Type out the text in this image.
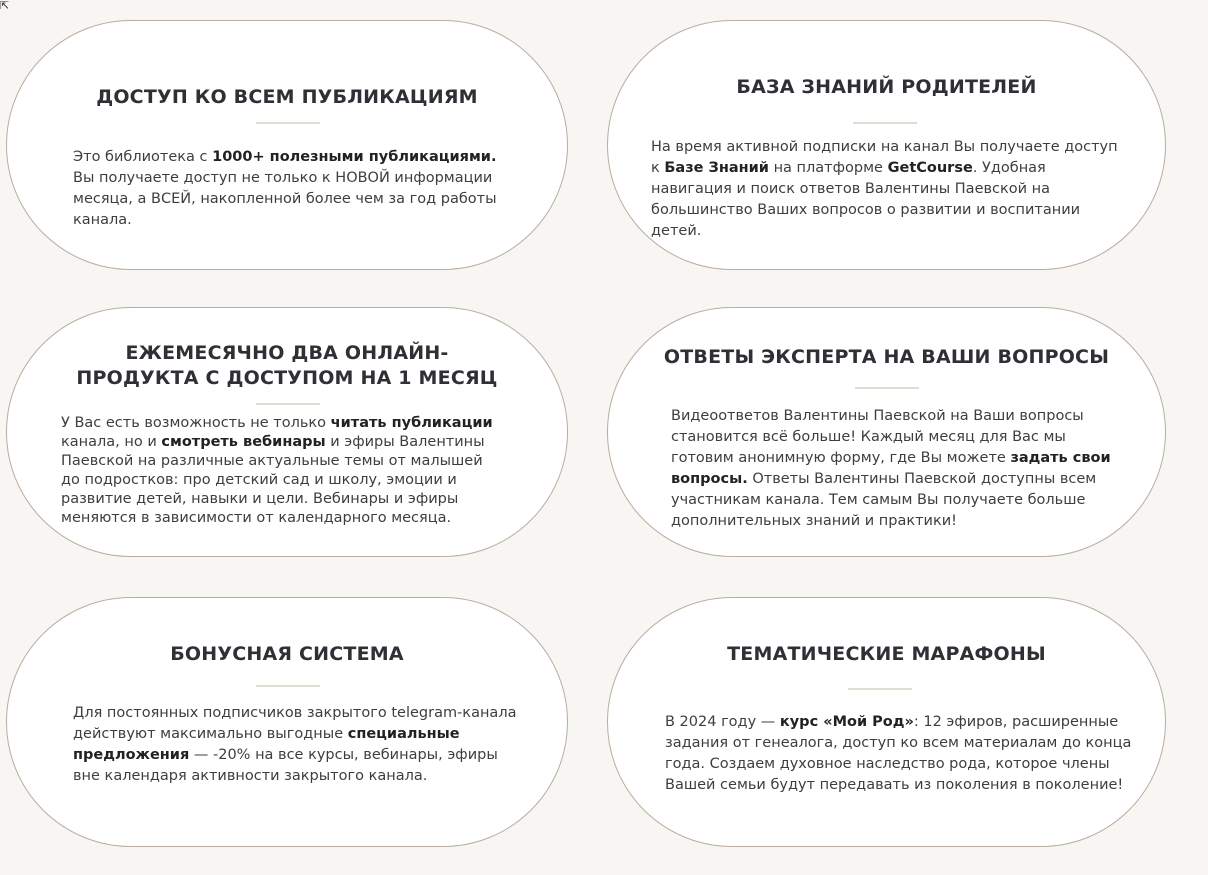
⇱
ДОСТУП КО ВСЕМ ПУБЛИКАЦИЯМ

Это библиотека с 1000+ полезными публикациями. Вы получаете доступ не только к НОВОЙ информации месяца, а ВСЕЙ, накопленной более чем за год работы канала.

БАЗА ЗНАНИЙ РОДИТЕЛЕЙ

На время активной подписки на канал Вы получаете доступ к Базе Знаний на платформе GetCourse. Удобная навигация и поиск ответов Валентины Паевской на большинство Ваших вопросов о развитии и воспитании детей.

ЕЖЕМЕСЯЧНО ДВА ОНЛАЙН-ПРОДУКТА С ДОСТУПОМ НА 1 МЕСЯЦ

У Вас есть возможность не только читать публикации канала, но и смотреть вебинары и эфиры Валентины Паевской на различные актуальные темы от малышей до подростков: про детский сад и школу, эмоции и развитие детей, навыки и цели. Вебинары и эфиры меняются в зависимости от календарного месяца.

ОТВЕТЫ ЭКСПЕРТА НА ВАШИ ВОПРОСЫ

Видеоответов Валентины Паевской на Ваши вопросы становится всё больше! Каждый месяц для Вас мы готовим анонимную форму, где Вы можете задать свои вопросы. Ответы Валентины Паевской доступны всем участникам канала. Тем самым Вы получаете больше дополнительных знаний и практики!

БОНУСНАЯ СИСТЕМА

Для постоянных подписчиков закрытого telegram-канала действуют максимально выгодные специальные предложения — -20% на все курсы, вебинары, эфиры вне календаря активности закрытого канала.

ТЕМАТИЧЕСКИЕ МАРАФОНЫ

В 2024 году — курс «Мой Род»: 12 эфиров, расширенные задания от генеалога, доступ ко всем материалам до конца года. Создаем духовное наследство рода, которое члены Вашей семьи будут передавать из поколения в поколение!
